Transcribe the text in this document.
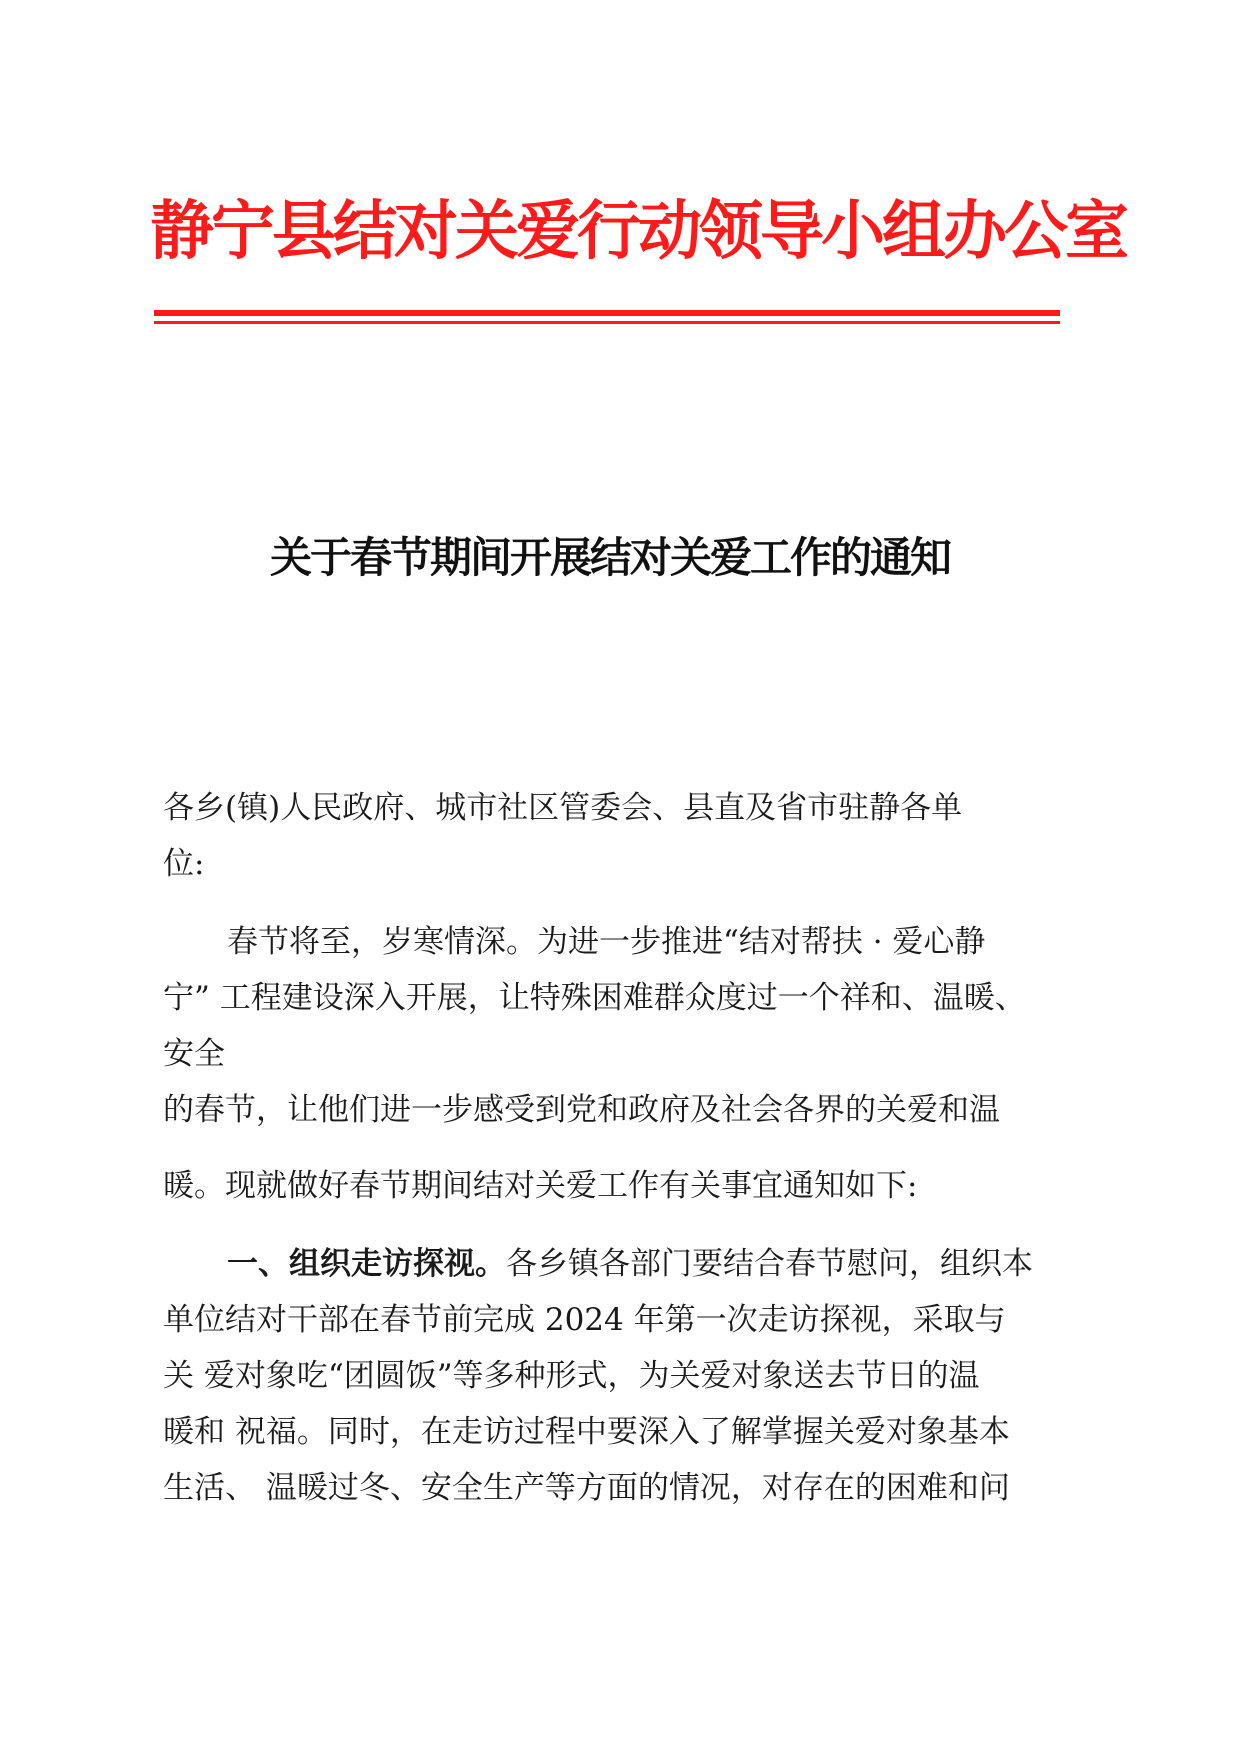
静宁县结对关爱行动领导小组办公室
关于春节期间开展结对关爱工作的通知
各乡(镇)人民政府、城市社区管委会、县直及省市驻静各单
位:
春节将至，岁寒情深。为进一步推进“结对帮扶 · 爱心静
宁” 工程建设深入开展，让特殊困难群众度过一个祥和、温暖、
安全
的春节，让他们进一步感受到党和政府及社会各界的关爱和温
暖。现就做好春节期间结对关爱工作有关事宜通知如下:
一、组织走访探视。各乡镇各部门要结合春节慰问，组织本
单位结对干部在春节前完成 2024 年第一次走访探视，采取与
关 爱对象吃“团圆饭”等多种形式，为关爱对象送去节日的温
暖和 祝福。同时，在走访过程中要深入了解掌握关爱对象基本
生活、 温暖过冬、安全生产等方面的情况，对存在的困难和问
